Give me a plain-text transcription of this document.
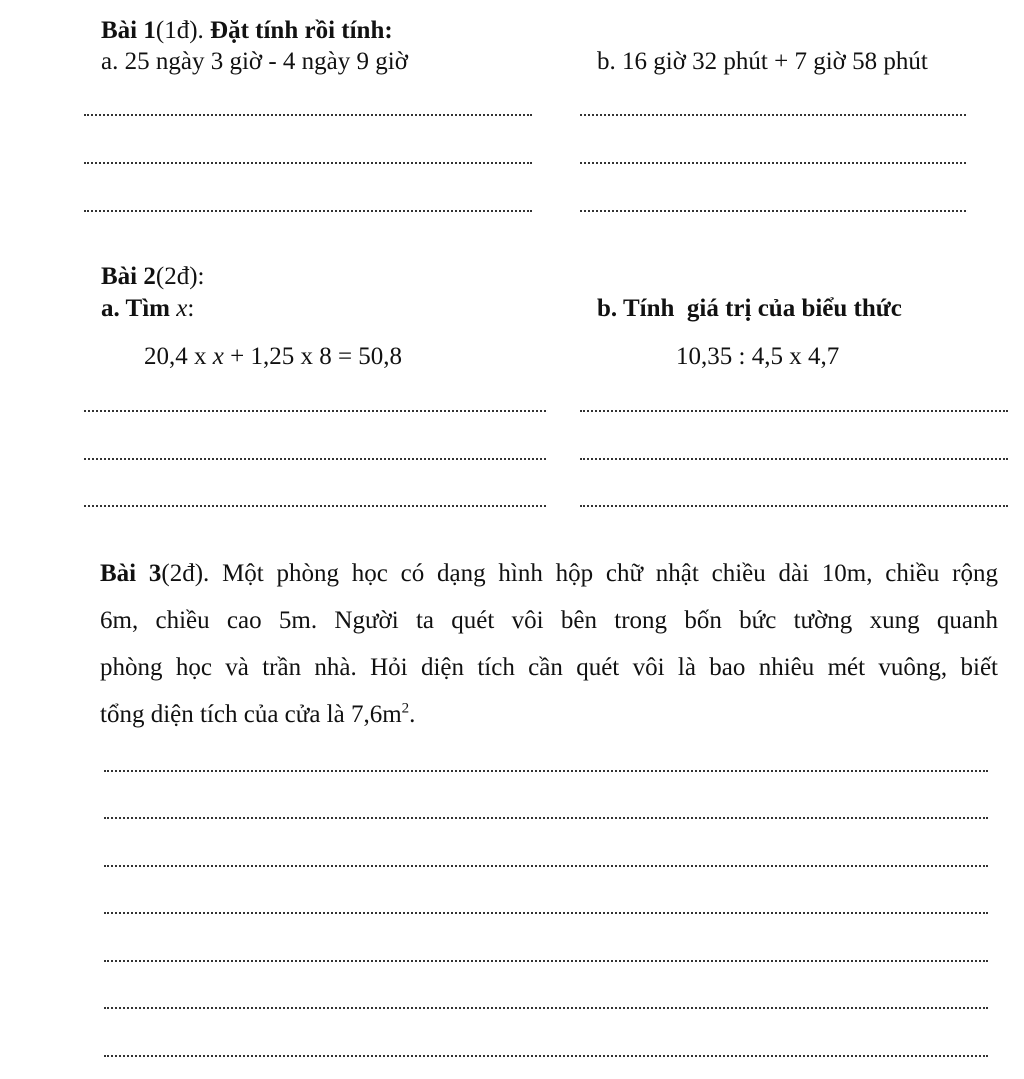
Bài 1(1đ). Đặt tính rồi tính:
a. 25 ngày 3 giờ - 4 ngày 9 giờ	b. 16 giờ 32 phút + 7 giờ 58 phút
Bài 2(2đ):
a. Tìm x:	b. Tính  giá trị của biểu thức
20,4 x x + 1,25 x 8 = 50,8	10,35 : 4,5 x 4,7
Bài 3(2đ). Một phòng học có dạng hình hộp chữ nhật chiều dài 10m, chiều rộng
6m, chiều cao 5m. Người ta quét vôi bên trong bốn bức tường xung quanh
phòng học và trần nhà. Hỏi diện tích cần quét vôi là bao nhiêu mét vuông, biết
tổng diện tích của cửa là $7,6m^2$.
